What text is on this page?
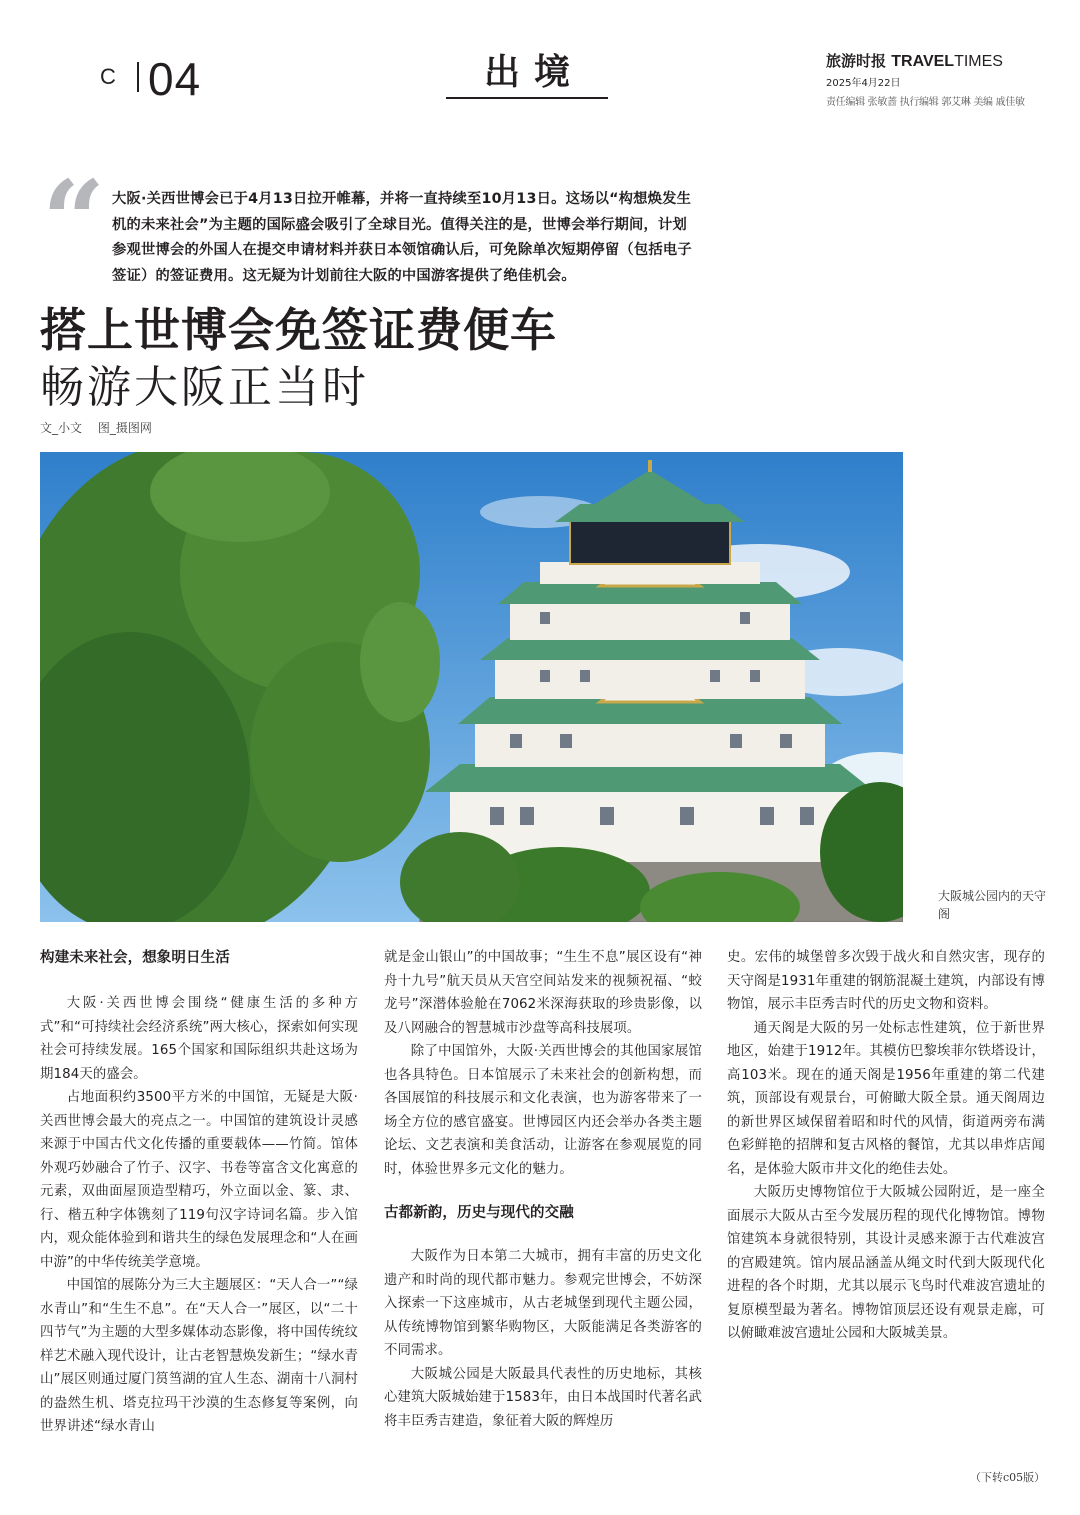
C 04	出境	旅游时报 TRAVELTIMES
2025年4月22日
责任编辑 张敏蔷 执行编辑 郭艾琳 美编 戚佳敏
“ 大阪·关西世博会已于4月13日拉开帷幕，并将一直持续至10月13日。这场以“构想焕发生机的未来社会”为主题的国际盛会吸引了全球目光。值得关注的是，世博会举行期间，计划参观世博会的外国人在提交申请材料并获日本领馆确认后，可免除单次短期停留（包括电子签证）的签证费用。这无疑为计划前往大阪的中国游客提供了绝佳机会。
搭上世博会免签证费便车
畅游大阪正当时
文_小文 图_摄图网
大阪城公园内的天守阁
构建未来社会，想象明日生活

大阪·关西世博会围绕“健康生活的多种方式”和“可持续社会经济系统”两大核心，探索如何实现社会可持续发展。165个国家和国际组织共赴这场为期184天的盛会。

占地面积约3500平方米的中国馆，无疑是大阪·关西世博会最大的亮点之一。中国馆的建筑设计灵感来源于中国古代文化传播的重要载体——竹简。馆体外观巧妙融合了竹子、汉字、书卷等富含文化寓意的元素，双曲面屋顶造型精巧，外立面以金、篆、隶、行、楷五种字体镌刻了119句汉字诗词名篇。步入馆内，观众能体验到和谐共生的绿色发展理念和“人在画中游”的中华传统美学意境。

中国馆的展陈分为三大主题展区：“天人合一”“绿水青山”和“生生不息”。在“天人合一”展区，以“二十四节气”为主题的大型多媒体动态影像，将中国传统纹样艺术融入现代设计，让古老智慧焕发新生；“绿水青山”展区则通过厦门筼筜湖的宜人生态、湖南十八洞村的盎然生机、塔克拉玛干沙漠的生态修复等案例，向世界讲述“绿水青山

就是金山银山”的中国故事；“生生不息”展区设有“神舟十九号”航天员从天宫空间站发来的视频祝福、“蛟龙号”深潜体验舱在7062米深海获取的珍贵影像，以及八网融合的智慧城市沙盘等高科技展项。

除了中国馆外，大阪·关西世博会的其他国家展馆也各具特色。日本馆展示了未来社会的创新构想，而各国展馆的科技展示和文化表演，也为游客带来了一场全方位的感官盛宴。世博园区内还会举办各类主题论坛、文艺表演和美食活动，让游客在参观展览的同时，体验世界多元文化的魅力。

古都新韵，历史与现代的交融

大阪作为日本第二大城市，拥有丰富的历史文化遗产和时尚的现代都市魅力。参观完世博会，不妨深入探索一下这座城市，从古老城堡到现代主题公园，从传统博物馆到繁华购物区，大阪能满足各类游客的不同需求。

大阪城公园是大阪最具代表性的历史地标，其核心建筑大阪城始建于1583年，由日本战国时代著名武将丰臣秀吉建造，象征着大阪的辉煌历

史。宏伟的城堡曾多次毁于战火和自然灾害，现存的天守阁是1931年重建的钢筋混凝土建筑，内部设有博物馆，展示丰臣秀吉时代的历史文物和资料。

通天阁是大阪的另一处标志性建筑，位于新世界地区，始建于1912年。其模仿巴黎埃菲尔铁塔设计，高103米。现在的通天阁是1956年重建的第二代建筑，顶部设有观景台，可俯瞰大阪全景。通天阁周边的新世界区域保留着昭和时代的风情，街道两旁布满色彩鲜艳的招牌和复古风格的餐馆，尤其以串炸店闻名，是体验大阪市井文化的绝佳去处。

大阪历史博物馆位于大阪城公园附近，是一座全面展示大阪从古至今发展历程的现代化博物馆。博物馆建筑本身就很特别，其设计灵感来源于古代难波宫的宫殿建筑。馆内展品涵盖从绳文时代到大阪现代化进程的各个时期，尤其以展示飞鸟时代难波宫遗址的复原模型最为著名。博物馆顶层还设有观景走廊，可以俯瞰难波宫遗址公园和大阪城美景。

（下转c05版）
